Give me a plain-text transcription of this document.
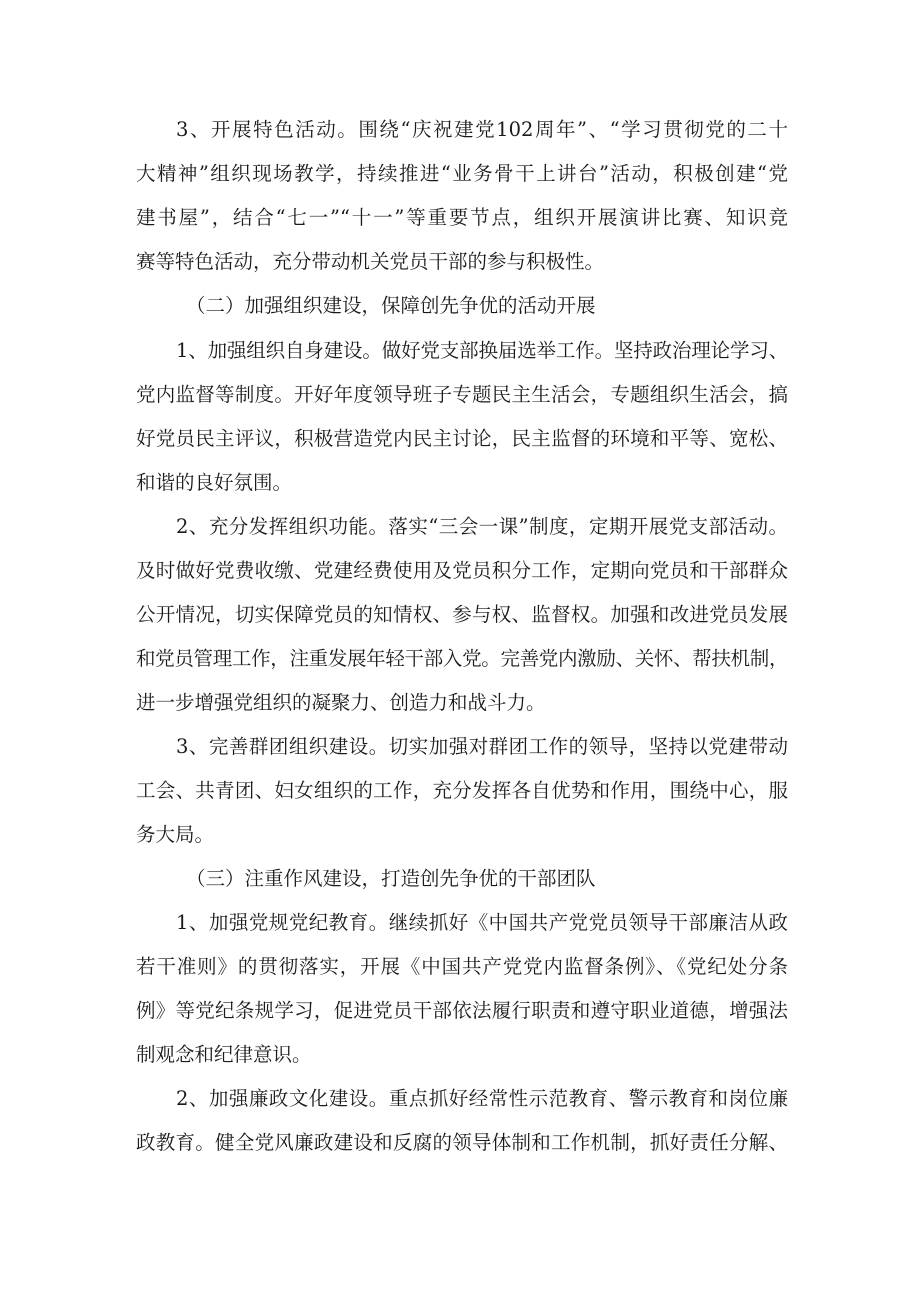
3、开展特色活动。围绕“庆祝建党102周年”、“学习贯彻党的二十
大精神”组织现场教学，持续推进“业务骨干上讲台”活动，积极创建“党
建书屋”，结合“七一”“十一”等重要节点，组织开展演讲比赛、知识竞
赛等特色活动，充分带动机关党员干部的参与积极性。
（二）加强组织建设，保障创先争优的活动开展
1、加强组织自身建设。做好党支部换届选举工作。坚持政治理论学习、
党内监督等制度。开好年度领导班子专题民主生活会，专题组织生活会，搞
好党员民主评议，积极营造党内民主讨论，民主监督的环境和平等、宽松、
和谐的良好氛围。
2、充分发挥组织功能。落实“三会一课”制度，定期开展党支部活动。
及时做好党费收缴、党建经费使用及党员积分工作，定期向党员和干部群众
公开情况，切实保障党员的知情权、参与权、监督权。加强和改进党员发展
和党员管理工作，注重发展年轻干部入党。完善党内激励、关怀、帮扶机制，
进一步增强党组织的凝聚力、创造力和战斗力。
3、完善群团组织建设。切实加强对群团工作的领导，坚持以党建带动
工会、共青团、妇女组织的工作，充分发挥各自优势和作用，围绕中心，服
务大局。
（三）注重作风建设，打造创先争优的干部团队
1、加强党规党纪教育。继续抓好《中国共产党党员领导干部廉洁从政
若干准则》的贯彻落实，开展《中国共产党党内监督条例》、《党纪处分条
例》等党纪条规学习，促进党员干部依法履行职责和遵守职业道德，增强法
制观念和纪律意识。
2、加强廉政文化建设。重点抓好经常性示范教育、警示教育和岗位廉
政教育。健全党风廉政建设和反腐的领导体制和工作机制，抓好责任分解、
